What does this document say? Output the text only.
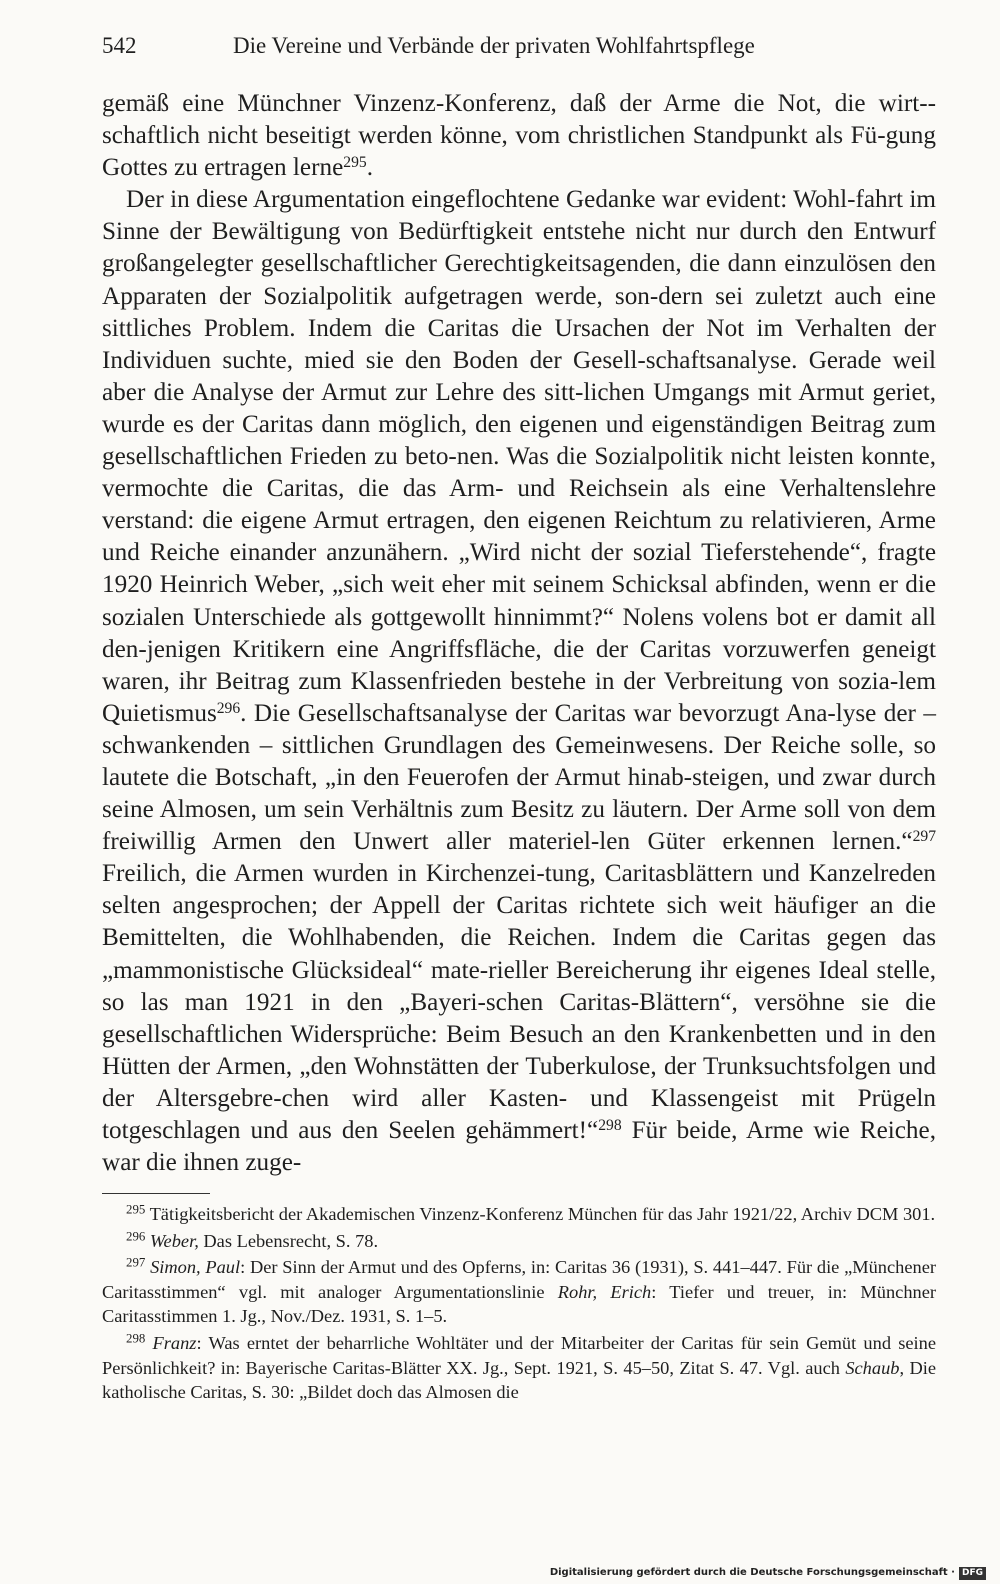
542	Die Vereine und Verbände der privaten Wohlfahrtspflege

gemäß eine Münchner Vinzenz-Konferenz, daß der Arme die Not, die wirt-schaftlich nicht beseitigt werden könne, vom christlichen Standpunkt als Fü-gung Gottes zu ertragen lerne$^{295}$.

Der in diese Argumentation eingeflochtene Gedanke war evident: Wohl-fahrt im Sinne der Bewältigung von Bedürftigkeit entstehe nicht nur durch den Entwurf großangelegter gesellschaftlicher Gerechtigkeitsagenden, die dann einzulösen den Apparaten der Sozialpolitik aufgetragen werde, son-dern sei zuletzt auch eine sittliches Problem. Indem die Caritas die Ursachen der Not im Verhalten der Individuen suchte, mied sie den Boden der Gesell-schaftsanalyse. Gerade weil aber die Analyse der Armut zur Lehre des sitt-lichen Umgangs mit Armut geriet, wurde es der Caritas dann möglich, den eigenen und eigenständigen Beitrag zum gesellschaftlichen Frieden zu beto-nen. Was die Sozialpolitik nicht leisten konnte, vermochte die Caritas, die das Arm- und Reichsein als eine Verhaltenslehre verstand: die eigene Armut ertragen, den eigenen Reichtum zu relativieren, Arme und Reiche einander anzunähern. „Wird nicht der sozial Tieferstehende“, fragte 1920 Heinrich Weber, „sich weit eher mit seinem Schicksal abfinden, wenn er die sozialen Unterschiede als gottgewollt hinnimmt?“ Nolens volens bot er damit all den-jenigen Kritikern eine Angriffsfläche, die der Caritas vorzuwerfen geneigt waren, ihr Beitrag zum Klassenfrieden bestehe in der Verbreitung von sozia-lem Quietismus$^{296}$. Die Gesellschaftsanalyse der Caritas war bevorzugt Ana-lyse der – schwankenden – sittlichen Grundlagen des Gemeinwesens. Der Reiche solle, so lautete die Botschaft, „in den Feuerofen der Armut hinab-steigen, und zwar durch seine Almosen, um sein Verhältnis zum Besitz zu läutern. Der Arme soll von dem freiwillig Armen den Unwert aller materiel-len Güter erkennen lernen.“$^{297}$ Freilich, die Armen wurden in Kirchenzei-tung, Caritasblättern und Kanzelreden selten angesprochen; der Appell der Caritas richtete sich weit häufiger an die Bemittelten, die Wohlhabenden, die Reichen. Indem die Caritas gegen das „mammonistische Glücksideal“ mate-rieller Bereicherung ihr eigenes Ideal stelle, so las man 1921 in den „Bayeri-schen Caritas-Blättern“, versöhne sie die gesellschaftlichen Widersprüche: Beim Besuch an den Krankenbetten und in den Hütten der Armen, „den Wohnstätten der Tuberkulose, der Trunksuchtsfolgen und der Altersgebre-chen wird aller Kasten- und Klassengeist mit Prügeln totgeschlagen und aus den Seelen gehämmert!“$^{298}$ Für beide, Arme wie Reiche, war die ihnen zuge-

$^{295}$ Tätigkeitsbericht der Akademischen Vinzenz-Konferenz München für das Jahr 1921/22, Archiv DCM 301.

$^{296}$ Weber, Das Lebensrecht, S. 78.

$^{297}$ Simon, Paul: Der Sinn der Armut und des Opferns, in: Caritas 36 (1931), S. 441–447. Für die „Münchener Caritasstimmen“ vgl. mit analoger Argumentationslinie Rohr, Erich: Tiefer und treuer, in: Münchner Caritasstimmen 1. Jg., Nov./Dez. 1931, S. 1–5.

$^{298}$ Franz: Was erntet der beharrliche Wohltäter und der Mitarbeiter der Caritas für sein Gemüt und seine Persönlichkeit? in: Bayerische Caritas-Blätter XX. Jg., Sept. 1921, S. 45–50, Zitat S. 47. Vgl. auch Schaub, Die katholische Caritas, S. 30: „Bildet doch das Almosen die

Digitalisierung gefördert durch die Deutsche Forschungsgemeinschaft · DFG
